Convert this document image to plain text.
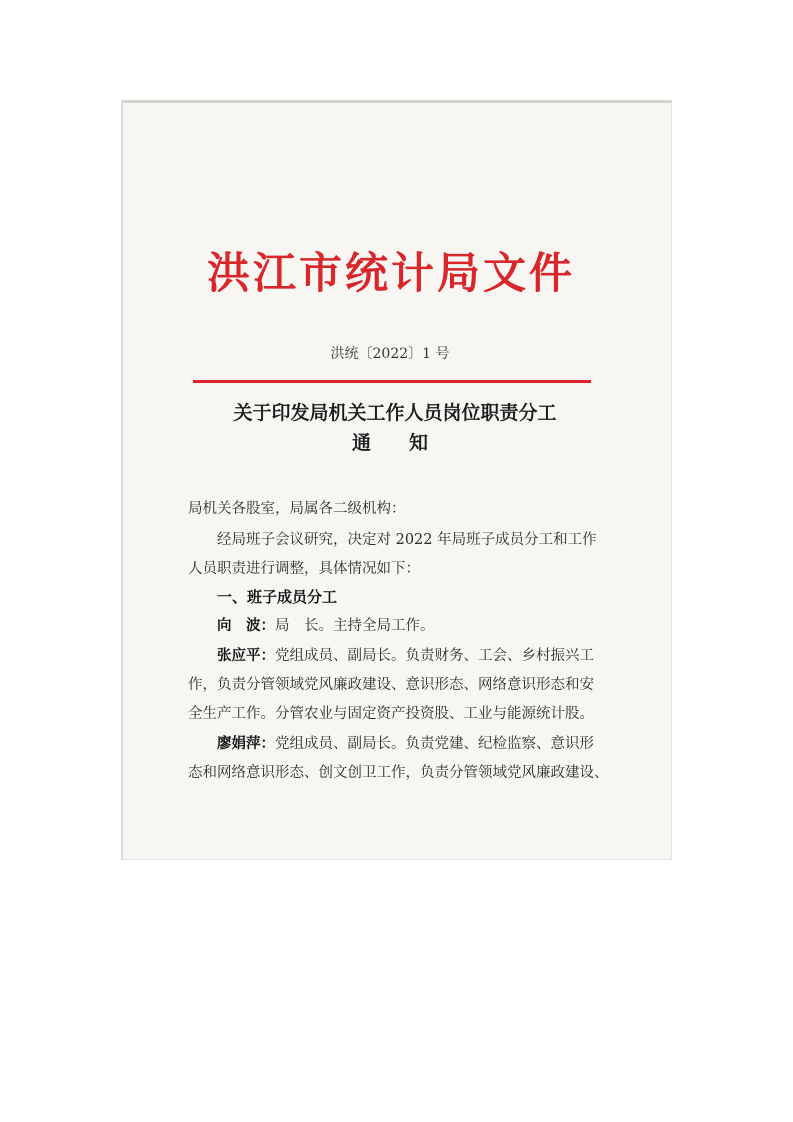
洪江市统计局文件
洪统〔2022〕1 号
关于印发局机关工作人员岗位职责分工
通知
局机关各股室，局属各二级机构：
经局班子会议研究，决定对 2022 年局班子成员分工和工作
人员职责进行调整，具体情况如下：
一、班子成员分工
向　波：局　长。主持全局工作。
张应平：党组成员、副局长。负责财务、工会、乡村振兴工
作，负责分管领域党风廉政建设、意识形态、网络意识形态和安
全生产工作。分管农业与固定资产投资股、工业与能源统计股。
廖娟萍：党组成员、副局长。负责党建、纪检监察、意识形
态和网络意识形态、创文创卫工作，负责分管领域党风廉政建设、
